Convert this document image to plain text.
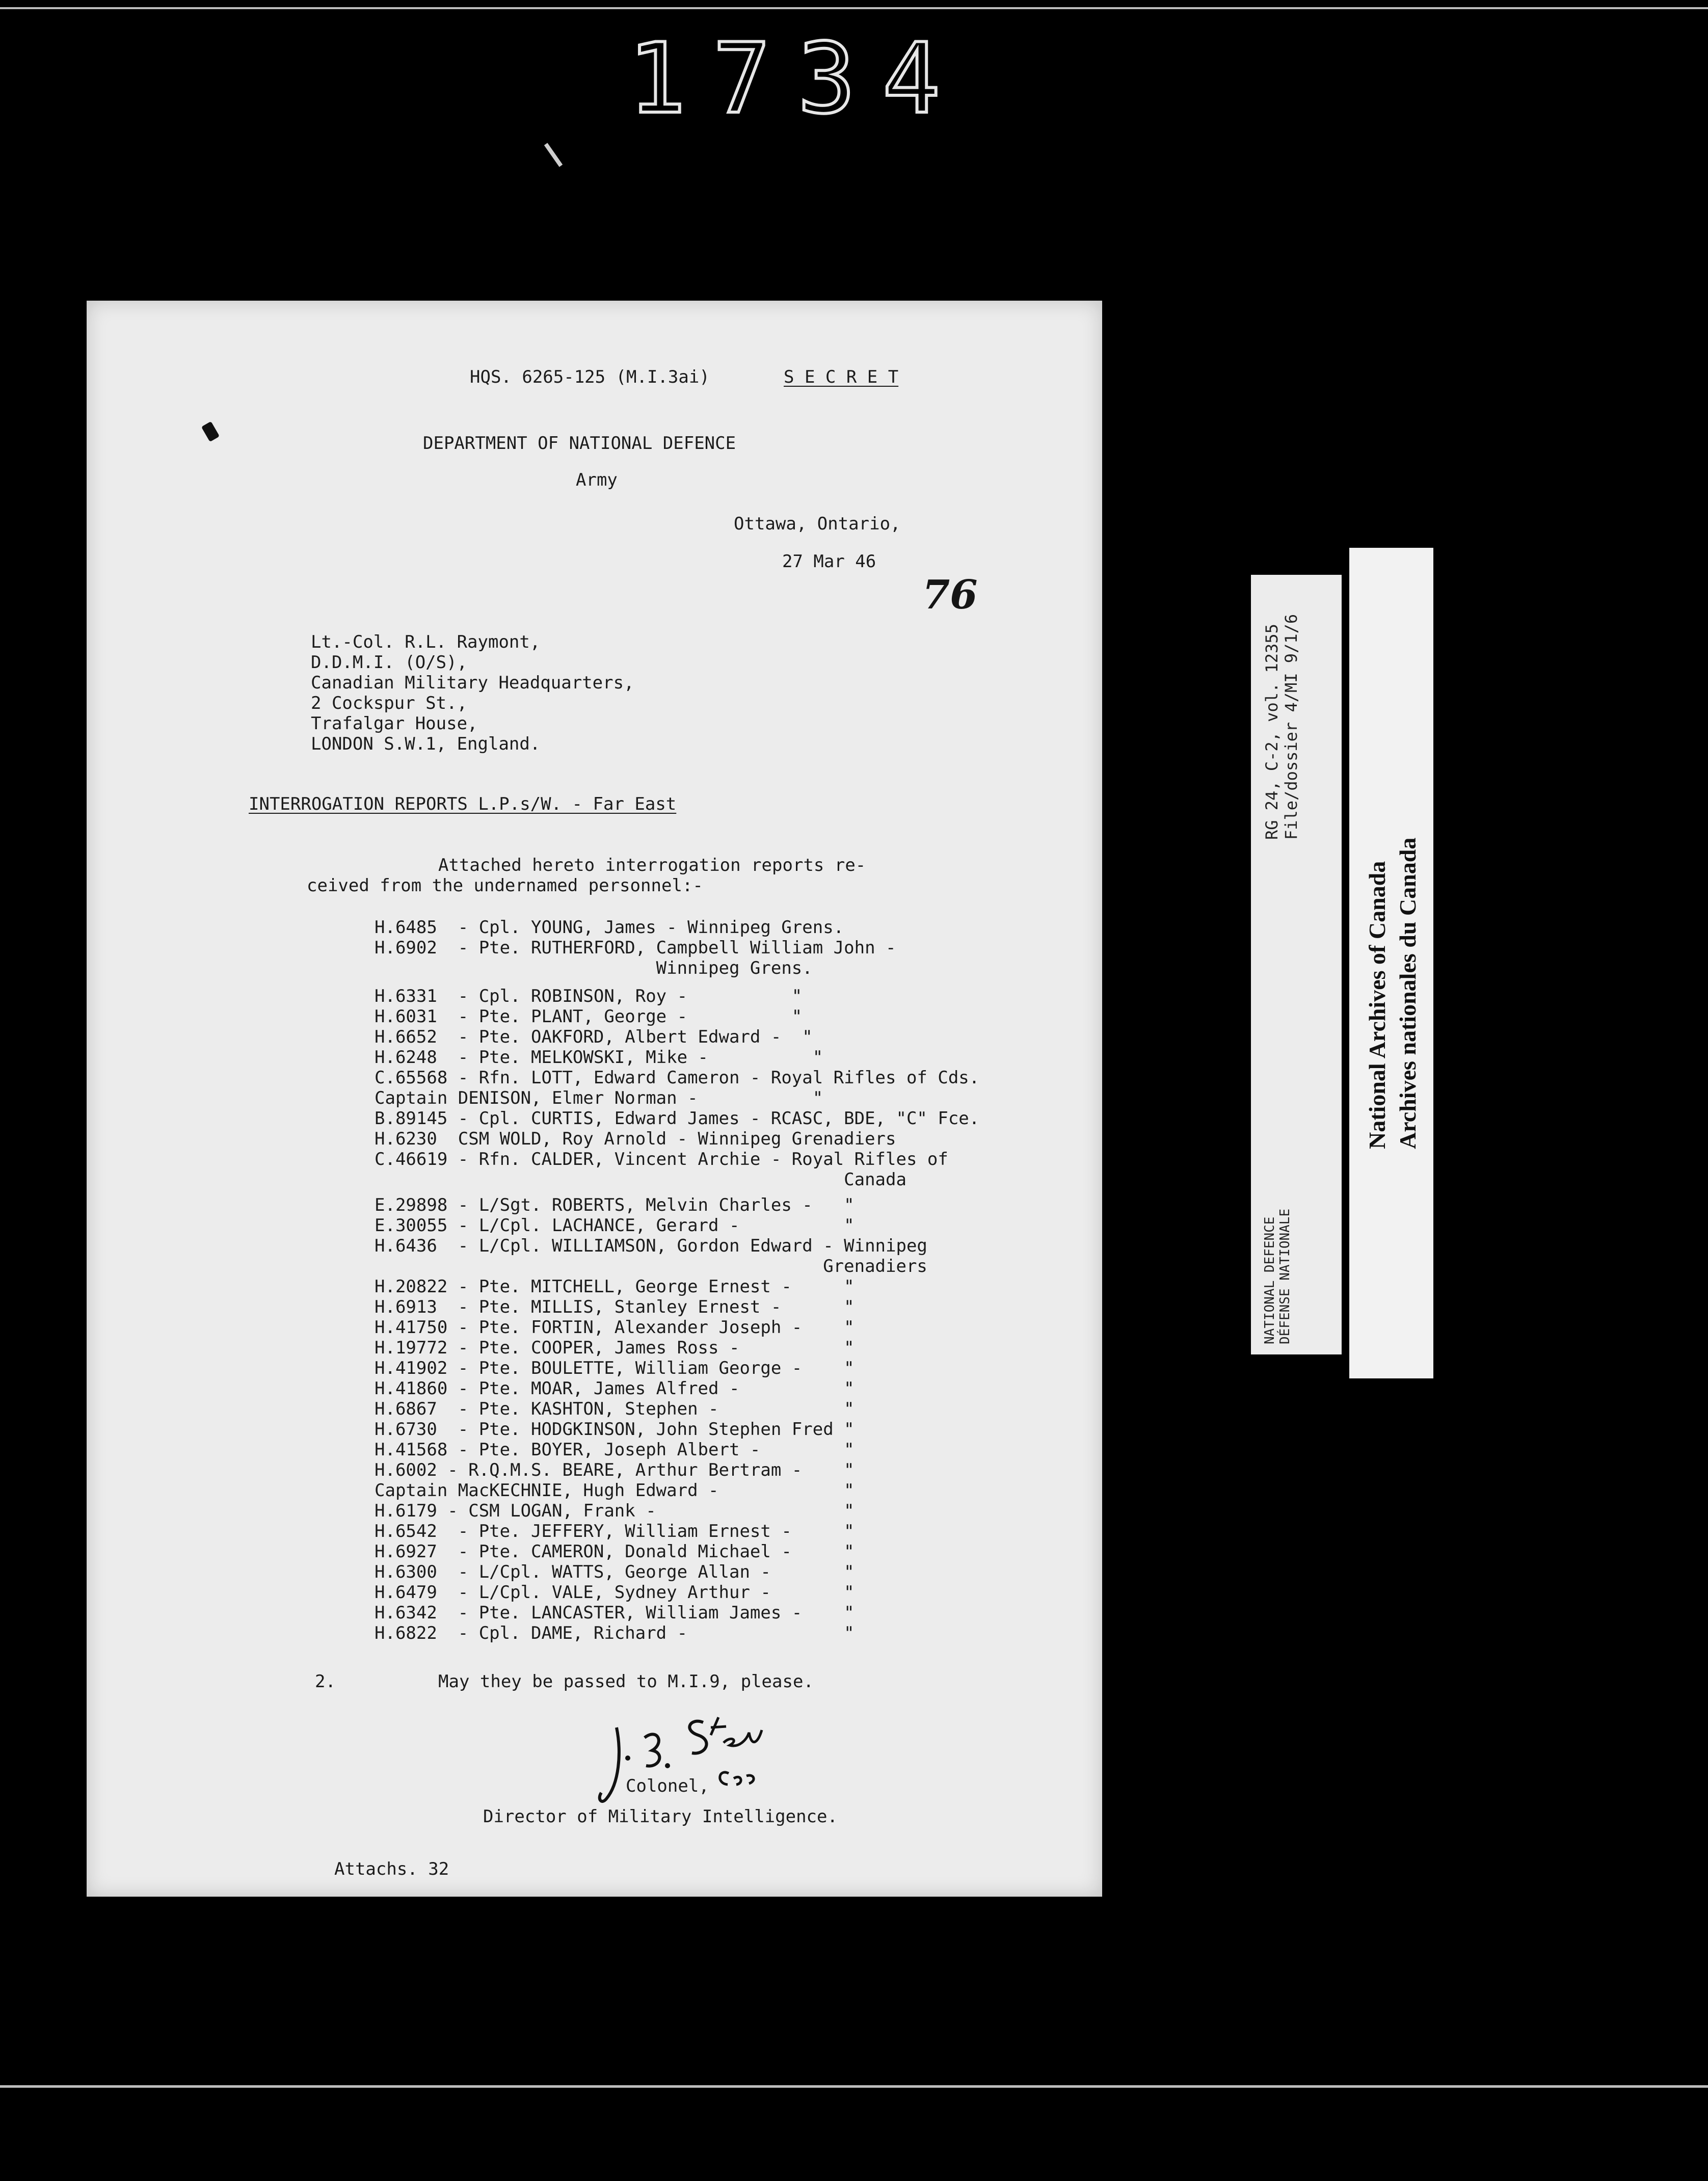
1734
HQS. 6265-125 (M.I.3ai)	S E C R E T
DEPARTMENT OF NATIONAL DEFENCE
Army
Ottawa, Ontario,
27 Mar 46
76
Lt.-Col. R.L. Raymont,
D.D.M.I. (O/S),
Canadian Military Headquarters,
2 Cockspur St.,
Trafalgar House,
LONDON S.W.1, England.
INTERROGATION REPORTS L.P.s/W. - Far East
Attached hereto interrogation reports re-
ceived from the undernamed personnel:-
H.6485  - Cpl. YOUNG, James - Winnipeg Grens.
H.6902  - Pte. RUTHERFORD, Campbell William John -
Winnipeg Grens.
H.6331  - Cpl. ROBINSON, Roy -          "
H.6031  - Pte. PLANT, George -          "
H.6652  - Pte. OAKFORD, Albert Edward -  "
H.6248  - Pte. MELKOWSKI, Mike -          "
C.65568 - Rfn. LOTT, Edward Cameron - Royal Rifles of Cds.
Captain DENISON, Elmer Norman -           "
B.89145 - Cpl. CURTIS, Edward James - RCASC, BDE, "C" Fce.
H.6230  CSM WOLD, Roy Arnold - Winnipeg Grenadiers
C.46619 - Rfn. CALDER, Vincent Archie - Royal Rifles of
Canada
E.29898 - L/Sgt. ROBERTS, Melvin Charles -   "
E.30055 - L/Cpl. LACHANCE, Gerard -          "
H.6436  - L/Cpl. WILLIAMSON, Gordon Edward - Winnipeg
Grenadiers
H.20822 - Pte. MITCHELL, George Ernest -     "
H.6913  - Pte. MILLIS, Stanley Ernest -      "
H.41750 - Pte. FORTIN, Alexander Joseph -    "
H.19772 - Pte. COOPER, James Ross -          "
H.41902 - Pte. BOULETTE, William George -    "
H.41860 - Pte. MOAR, James Alfred -          "
H.6867  - Pte. KASHTON, Stephen -            "
H.6730  - Pte. HODGKINSON, John Stephen Fred "
H.41568 - Pte. BOYER, Joseph Albert -        "
H.6002 - R.Q.M.S. BEARE, Arthur Bertram -    "
Captain MacKECHNIE, Hugh Edward -            "
H.6179 - CSM LOGAN, Frank -                  "
H.6542  - Pte. JEFFERY, William Ernest -     "
H.6927  - Pte. CAMERON, Donald Michael -     "
H.6300  - L/Cpl. WATTS, George Allan -       "
H.6479  - L/Cpl. VALE, Sydney Arthur -       "
H.6342  - Pte. LANCASTER, William James -    "
H.6822  - Cpl. DAME, Richard -               "
2.	May they be passed to M.I.9, please.
Colonel,
Director of Military Intelligence.
Attachs. 32
RG 24, C-2, vol. 12355 File/dossier 4/MI 9/1/6
NATIONAL DEFENCE DÉFENSE NATIONALE
National Archives of Canada Archives nationales du Canada
